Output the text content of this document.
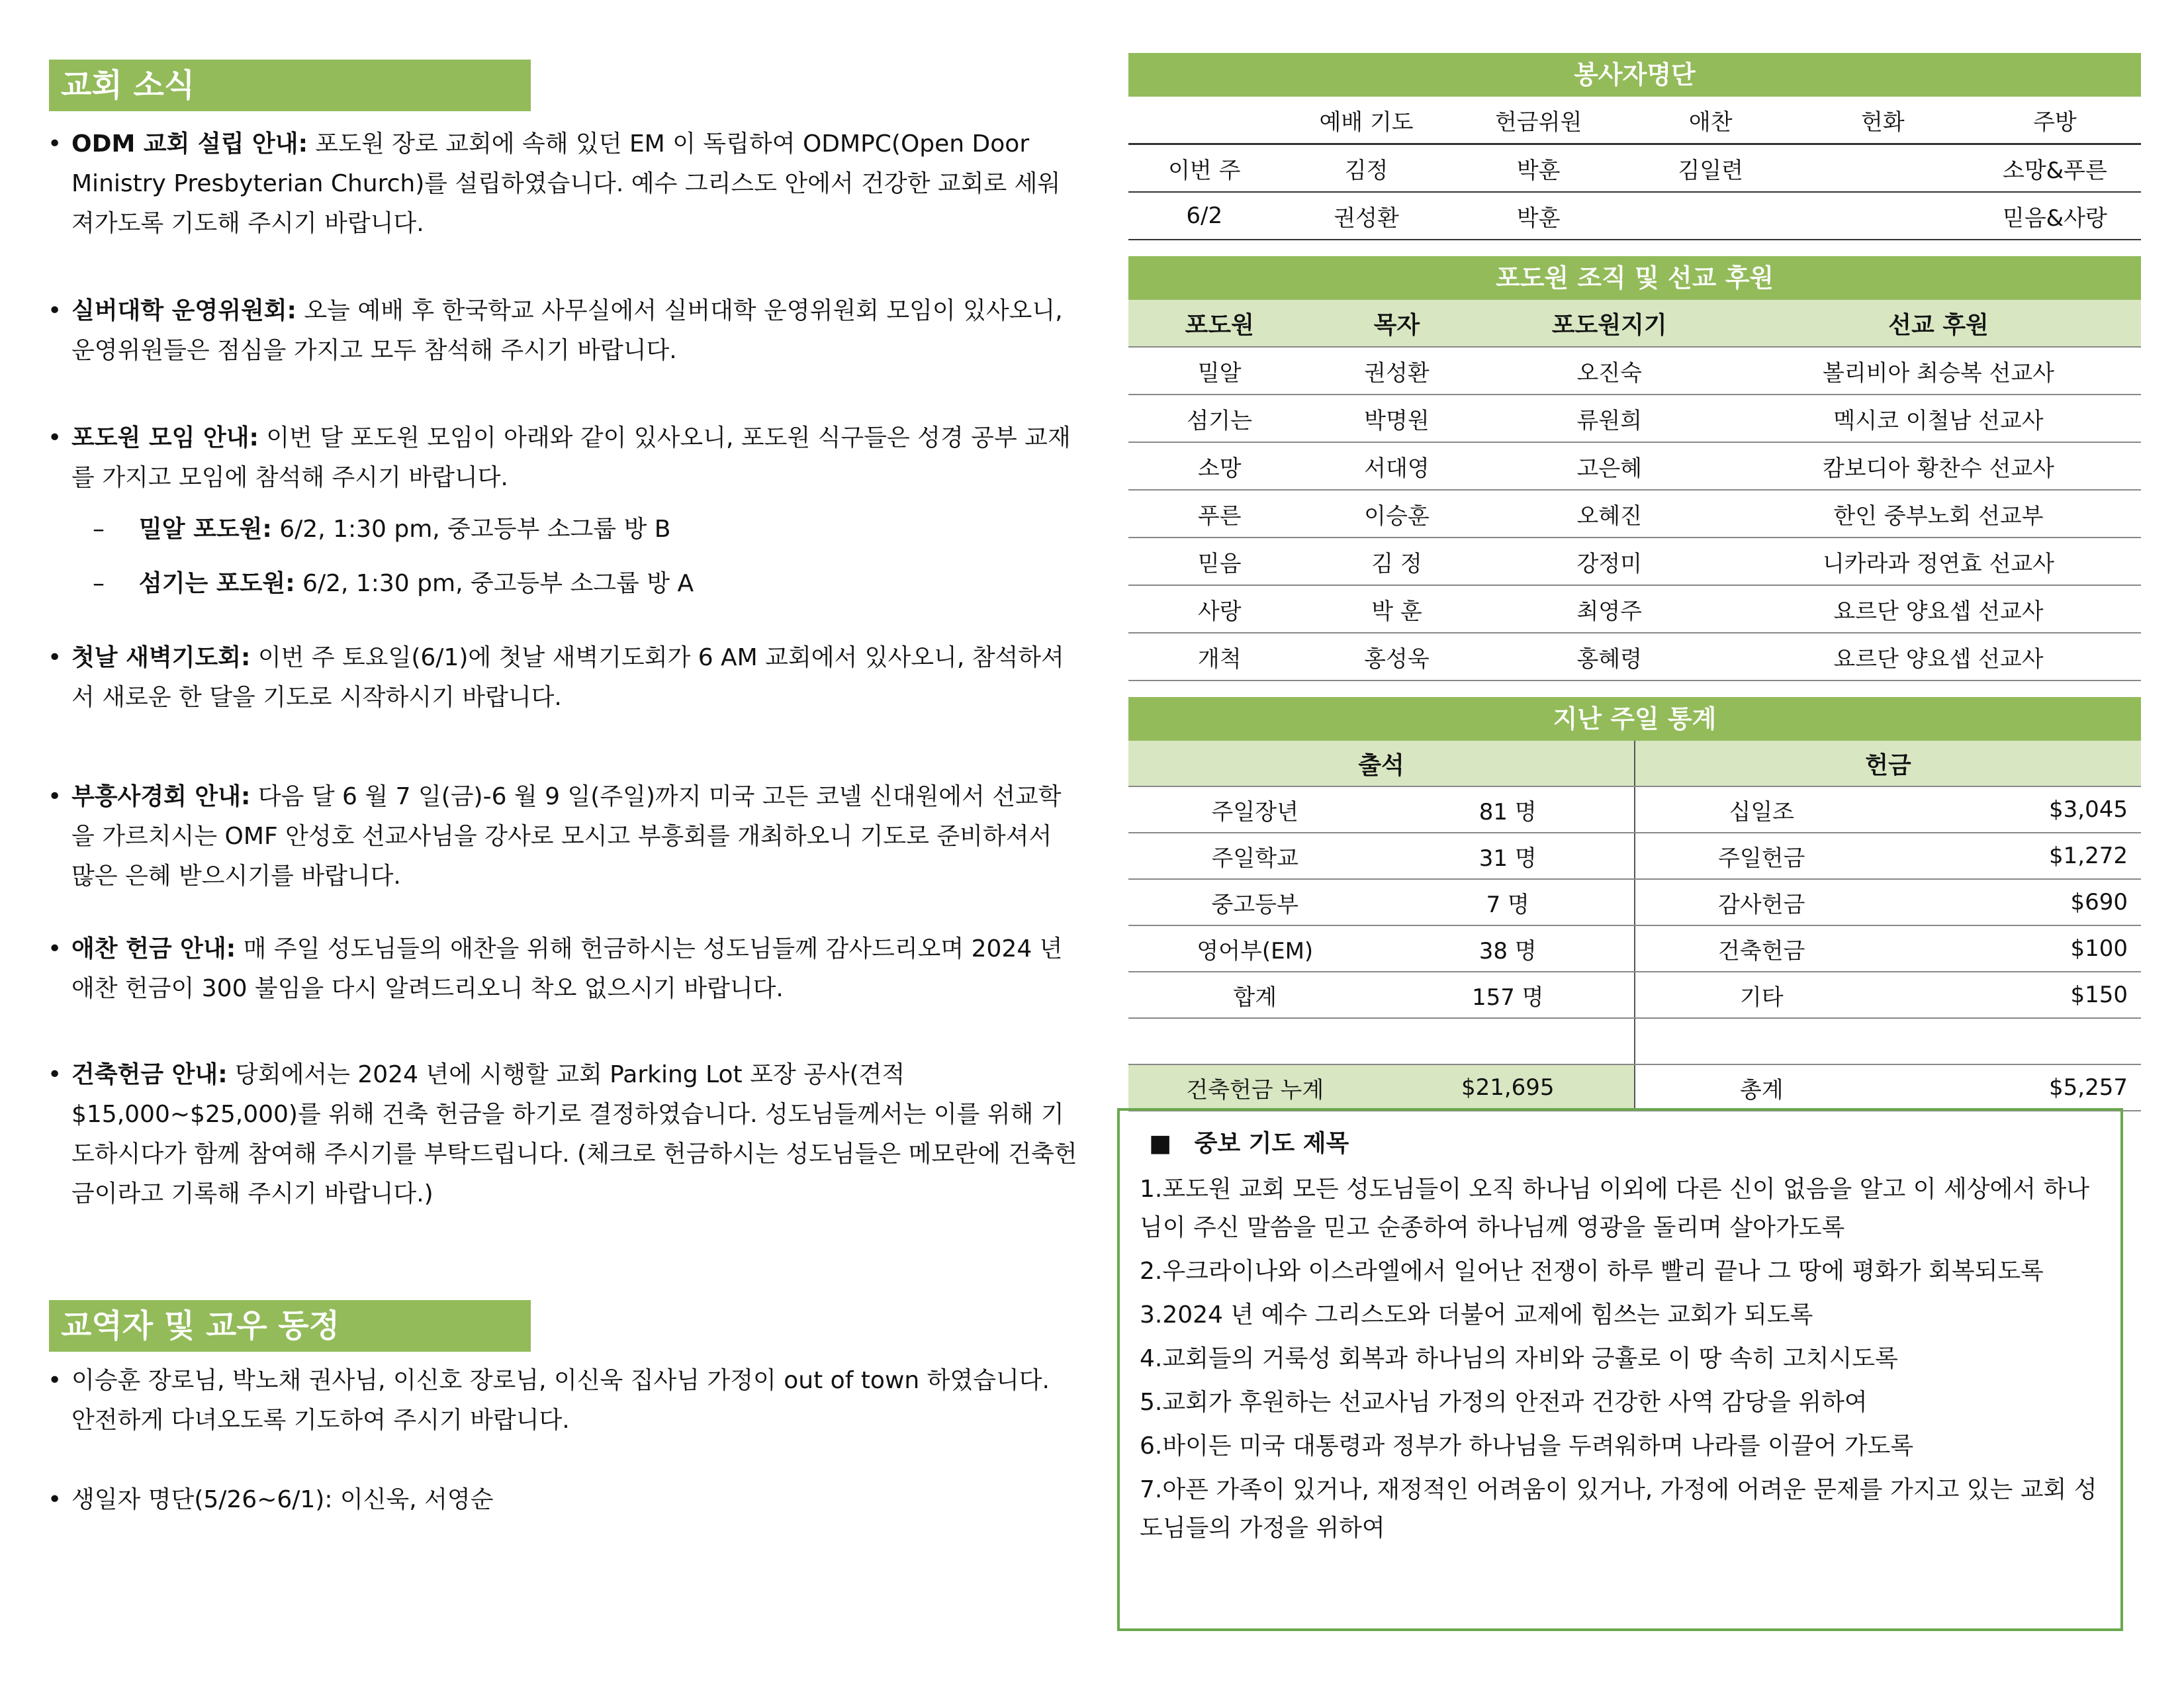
교회 소식
• ODM 교회 설립 안내: 포도원 장로 교회에 속해 있던 EM 이 독립하여 ODMPC(Open Door Ministry Presbyterian Church)를 설립하였습니다. 예수 그리스도 안에서 건강한 교회로 세워져가도록 기도해 주시기 바랍니다.
• 실버대학 운영위원회: 오늘 예배 후 한국학교 사무실에서 실버대학 운영위원회 모임이 있사오니, 운영위원들은 점심을 가지고 모두 참석해 주시기 바랍니다.
• 포도원 모임 안내: 이번 달 포도원 모임이 아래와 같이 있사오니, 포도원 식구들은 성경 공부 교재를 가지고 모임에 참석해 주시기 바랍니다.
– 밀알 포도원: 6/2, 1:30 pm, 중고등부 소그룹 방 B
– 섬기는 포도원: 6/2, 1:30 pm, 중고등부 소그룹 방 A
• 첫날 새벽기도회: 이번 주 토요일(6/1)에 첫날 새벽기도회가 6 AM 교회에서 있사오니, 참석하셔서 새로운 한 달을 기도로 시작하시기 바랍니다.
• 부흥사경회 안내: 다음 달 6 월 7 일(금)-6 월 9 일(주일)까지 미국 고든 코넬 신대원에서 선교학을 가르치시는 OMF 안성호 선교사님을 강사로 모시고 부흥회를 개최하오니 기도로 준비하셔서 많은 은혜 받으시기를 바랍니다.
• 애찬 헌금 안내: 매 주일 성도님들의 애찬을 위해 헌금하시는 성도님들께 감사드리오며 2024 년 애찬 헌금이 300 불임을 다시 알려드리오니 착오 없으시기 바랍니다.
• 건축헌금 안내: 당회에서는 2024 년에 시행할 교회 Parking Lot 포장 공사(견적 $15,000~$25,000)를 위해 건축 헌금을 하기로 결정하였습니다. 성도님들께서는 이를 위해 기도하시다가 함께 참여해 주시기를 부탁드립니다. (체크로 헌금하시는 성도님들은 메모란에 건축헌금이라고 기록해 주시기 바랍니다.)
교역자 및 교우 동정
• 이승훈 장로님, 박노채 권사님, 이신호 장로님, 이신욱 집사님 가정이 out of town 하였습니다. 안전하게 다녀오도록 기도하여 주시기 바랍니다.
• 생일자 명단(5/26~6/1): 이신욱, 서영순
봉사자명단
	예배 기도	헌금위원	애찬	헌화	주방
이번 주	김정	박훈	김일련		소망&푸른
6/2	권성환	박훈			믿음&사랑
포도원 조직 및 선교 후원
포도원	목자	포도원지기	선교 후원
밀알	권성환	오진숙	볼리비아 최승복 선교사
섬기는	박명원	류원희	멕시코 이철남 선교사
소망	서대영	고은혜	캄보디아 황찬수 선교사
푸른	이승훈	오혜진	한인 중부노회 선교부
믿음	김 정	강정미	니카라과 정연효 선교사
사랑	박 훈	최영주	요르단 양요셉 선교사
개척	홍성욱	홍혜령	요르단 양요셉 선교사
지난 주일 통계
출석		헌금	
주일장년	81 명	십일조	$3,045
주일학교	31 명	주일헌금	$1,272
중고등부	7 명	감사헌금	$690
영어부(EM)	38 명	건축헌금	$100
합계	157 명	기타	$150

건축헌금 누계	$21,695	총계	$5,257
■ 중보 기도 제목
1.포도원 교회 모든 성도님들이 오직 하나님 이외에 다른 신이 없음을 알고 이 세상에서 하나님이 주신 말씀을 믿고 순종하여 하나님께 영광을 돌리며 살아가도록
2.우크라이나와 이스라엘에서 일어난 전쟁이 하루 빨리 끝나 그 땅에 평화가 회복되도록
3.2024 년 예수 그리스도와 더불어 교제에 힘쓰는 교회가 되도록
4.교회들의 거룩성 회복과 하나님의 자비와 긍휼로 이 땅 속히 고치시도록
5.교회가 후원하는 선교사님 가정의 안전과 건강한 사역 감당을 위하여
6.바이든 미국 대통령과 정부가 하나님을 두려워하며 나라를 이끌어 가도록
7.아픈 가족이 있거나, 재정적인 어려움이 있거나, 가정에 어려운 문제를 가지고 있는 교회 성도님들의 가정을 위하여
